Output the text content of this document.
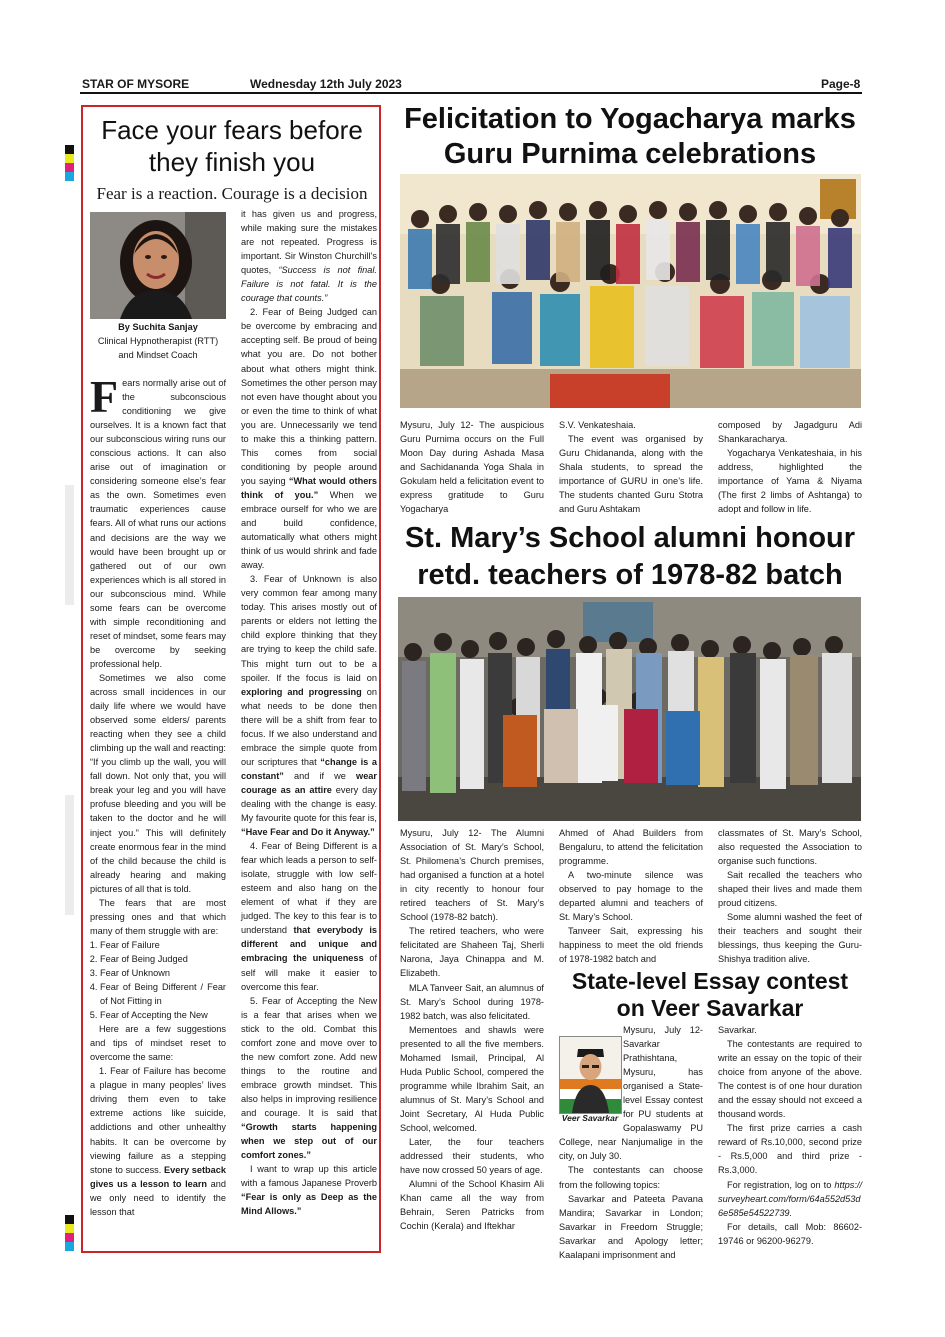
STAR OF MYSORE	Wednesday 12th July 2023	Page-8
Face your fears before
they finish you
Fear is a reaction. Courage is a decision
By Suchita Sanjay
Clinical Hypnotherapist (RTT)
and Mindset Coach

Fears normally arise out of the subconscious conditioning we give ourselves. It is a known fact that our subconscious wiring runs our conscious actions. It can also arise out of imagination or considering someone else’s fear as the own. Sometimes even traumatic experiences cause fears. All of what runs our actions and decisions are the way we would have been brought up or gathered out of our own experiences which is all stored in our subconscious mind. While some fears can be overcome with simple reconditioning and reset of mindset, some fears may be overcome by seeking professional help.

Sometimes we also come across small incidences in our daily life where we would have observed some elders/ parents reacting when they see a child climbing up the wall and reacting: “If you climb up the wall, you will fall down. Not only that, you will break your leg and you will have profuse bleeding and you will be taken to the doctor and he will inject you.” This will definitely create enormous fear in the mind of the child because the child is already hearing and making pictures of all that is told.

The fears that are most pressing ones and that which many of them struggle with are:

1. Fear of Failure
2. Fear of Being Judged
3. Fear of Unknown
4. Fear of Being Different / Fear of Not Fitting in
5. Fear of Accepting the New

Here are a few suggestions and tips of mindset reset to overcome the same:

1. Fear of Failure has become a plague in many peoples’ lives driving them even to take extreme actions like suicide, addictions and other unhealthy habits. It can be overcome by viewing failure as a stepping stone to success. Every setback gives us a lesson to learn and we only need to identify the lesson that

it has given us and progress, while making sure the mistakes are not repeated. Progress is important. Sir Winston Churchill’s quotes, “Success is not final. Failure is not fatal. It is the courage that counts.”

2. Fear of Being Judged can be overcome by embracing and accepting self. Be proud of being what you are. Do not bother about what others might think. Sometimes the other person may not even have thought about you or even the time to think of what you are. Unnecessarily we tend to make this a thinking pattern. This comes from social conditioning by people around you saying “What would others think of you.” When we embrace ourself for who we are and build confidence, automatically what others might think of us would shrink and fade away.

3. Fear of Unknown is also very common fear among many today. This arises mostly out of parents or elders not letting the child explore thinking that they are trying to keep the child safe. This might turn out to be a spoiler. If the focus is laid on exploring and progressing on what needs to be done then there will be a shift from fear to focus. If we also understand and embrace the simple quote from our scriptures that “change is a constant” and if we wear courage as an attire every day dealing with the change is easy. My favourite quote for this fear is, “Have Fear and Do it Anyway.”

4. Fear of Being Different is a fear which leads a person to self-isolate, struggle with low self-esteem and also hang on the element of what if they are judged. The key to this fear is to understand that everybody is different and unique and embracing the uniqueness of self will make it easier to overcome this fear.

5. Fear of Accepting the New is a fear that arises when we stick to the old. Combat this comfort zone and move over to the new comfort zone. Add new things to the routine and embrace growth mindset. This also helps in improving resilience and courage. It is said that “Growth starts happening when we step out of our comfort zones.”

I want to wrap up this article with a famous Japanese Proverb “Fear is only as Deep as the Mind Allows.”

Felicitation to Yogacharya marks
Guru Purnima celebrations

Mysuru, July 12- The auspicious Guru Purnima occurs on the Full Moon Day during Ashada Masa and Sachidananda Yoga Shala in Gokulam held a felicitation event to express gratitude to Guru Yogacharya

S.V. Venkateshaia.

The event was organised by Guru Chidananda, along with the Shala students, to spread the importance of GURU in one’s life. The students chanted Guru Stotra and Guru Ashtakam

composed by Jagadguru Adi Shankaracharya.

Yogacharya Venkateshaia, in his address, highlighted the importance of Yama & Niyama (The first 2 limbs of Ashtanga) to adopt and follow in life.

St. Mary’s School alumni honour
retd. teachers of 1978-82 batch

Mysuru, July 12- The Alumni Association of St. Mary’s School, St. Philomena’s Church premises, had organised a function at a hotel in city recently to honour four retired teachers of St. Mary’s School (1978-82 batch).

The retired teachers, who were felicitated are Shaheen Taj, Sherli Narona, Jaya Chinappa and M. Elizabeth.

MLA Tanveer Sait, an alumnus of St. Mary’s School during 1978-1982 batch, was also felicitated.

Mementoes and shawls were presented to all the five members. Mohamed Ismail, Principal, Al Huda Public School, compered the programme while Ibrahim Sait, an alumnus of St. Mary’s School and Joint Secretary, Al Huda Public School, welcomed.

Later, the four teachers addressed their students, who have now crossed 50 years of age.

Alumni of the School Khasim Ali Khan came all the way from Behrain, Seren Patricks from Cochin (Kerala) and Iftekhar

Ahmed of Ahad Builders from Bengaluru, to attend the felicitation programme.

A two-minute silence was observed to pay homage to the departed alumni and teachers of St. Mary’s School.

Tanveer Sait, expressing his happiness to meet the old friends of 1978-1982 batch and

classmates of St. Mary’s School, also requested the Association to organise such functions.

Sait recalled the teachers who shaped their lives and made them proud citizens.

Some alumni washed the feet of their teachers and sought their blessings, thus keeping the Guru-Shishya tradition alive.

State-level Essay contest
on Veer Savarkar
Veer Savarkar

Mysuru, July 12- Savarkar Prathishtana, Mysuru, has organised a State-level Essay contest for PU students at Gopalaswamy PU College, near Nanjumalige in the city, on July 30.

The contestants can choose from the following topics:

Savarkar and Pateeta Pavana Mandira; Savarkar in London; Savarkar in Freedom Struggle; Savarkar and Apology letter; Kaalapani imprisonment and

Savarkar.

The contestants are required to write an essay on the topic of their choice from anyone of the above. The contest is of one hour duration and the essay should not exceed a thousand words.

The first prize carries a cash reward of Rs.10,000, second prize - Rs.5,000 and third prize - Rs.3,000.

For registration, log on to https://surveyheart.com/form/64a552d53d6e585e54522739.

For details, call Mob: 86602-19746 or 96200-96279.
